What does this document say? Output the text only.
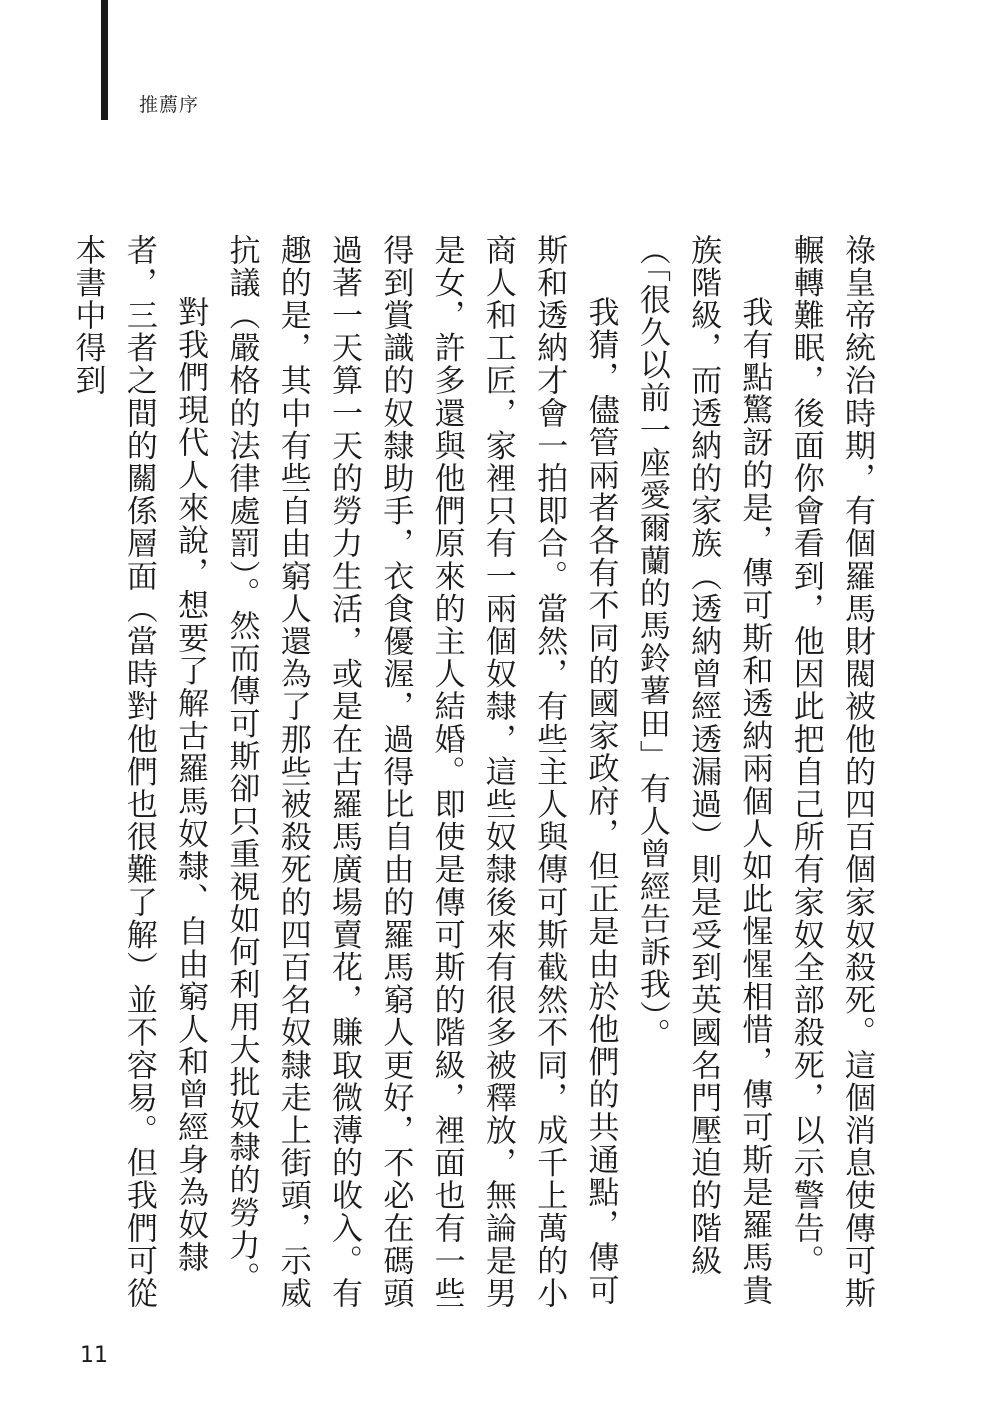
推薦序

祿皇帝統治時期，有個羅馬財閥被他的四百個家奴殺死。這個消息使傳可斯輾轉難眠，後面你會看到，他因此把自己所有家奴全部殺死，以示警告。

我有點驚訝的是，傳可斯和透納兩個人如此惺惺相惜，傳可斯是羅馬貴族階級，而透納的家族（透納曾經透漏過）則是受到英國名門壓迫的階級（「很久以前一座愛爾蘭的馬鈴薯田」有人曾經告訴我）。

我猜，儘管兩者各有不同的國家政府，但正是由於他們的共通點，傳可斯和透納才會一拍即合。當然，有些主人與傳可斯截然不同，成千上萬的小商人和工匠，家裡只有一兩個奴隸，這些奴隸後來有很多被釋放，無論是男是女，許多還與他們原來的主人結婚。即使是傳可斯的階級，裡面也有一些得到賞識的奴隸助手，衣食優渥，過得比自由的羅馬窮人更好，不必在碼頭過著一天算一天的勞力生活，或是在古羅馬廣場賣花，賺取微薄的收入。有趣的是，其中有些自由窮人還為了那些被殺死的四百名奴隸走上街頭，示威抗議（嚴格的法律處罰）。然而傳可斯卻只重視如何利用大批奴隸的勞力。

對我們現代人來說，想要了解古羅馬奴隸、自由窮人和曾經身為奴隸者，三者之間的關係層面（當時對他們也很難了解）並不容易。但我們可從本書中得到

11
